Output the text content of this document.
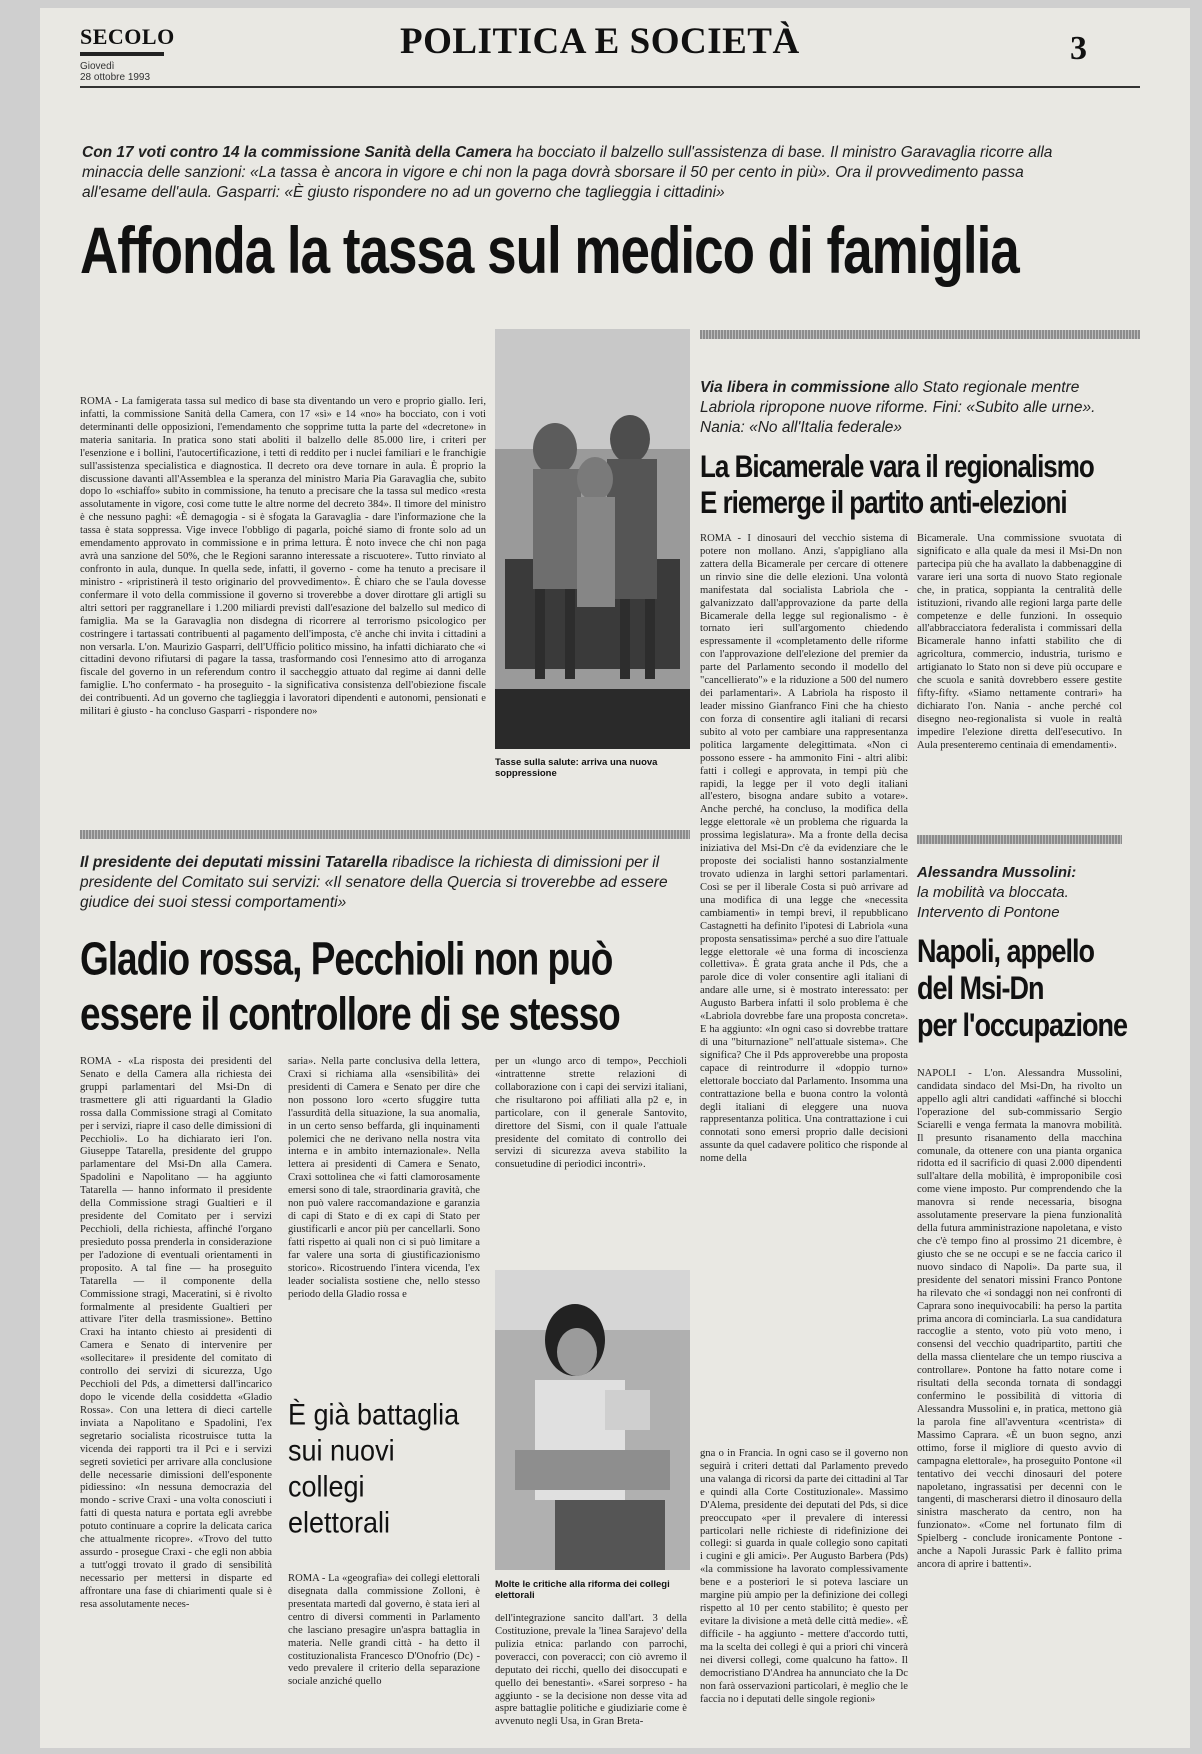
SECOLO
Giovedì
28 ottobre 1993
POLITICA E SOCIETÀ	3
Con 17 voti contro 14 la commissione Sanità della Camera ha bocciato il balzello sull'assistenza di base. Il ministro Garavaglia ricorre alla minaccia delle sanzioni: «La tassa è ancora in vigore e chi non la paga dovrà sborsare il 50 per cento in più». Ora il provvedimento passa all'esame dell'aula. Gasparri: «È giusto rispondere no ad un governo che taglieggia i cittadini»
Affonda la tassa sul medico di famiglia

ROMA - La famigerata tassa sul medico di base sta diventando un vero e proprio giallo. Ieri, infatti, la commissione Sanità della Camera, con 17 «sì» e 14 «no» ha bocciato, con i voti determinanti delle opposizioni, l'emendamento che sopprime tutta la parte del «decretone» in materia sanitaria. In pratica sono stati aboliti il balzello delle 85.000 lire, i criteri per l'esenzione e i bollini, l'autocertificazione, i tetti di reddito per i nuclei familiari e le franchigie sull'assistenza specialistica e diagnostica. Il decreto ora deve tornare in aula. È proprio la discussione davanti all'Assemblea e la speranza del ministro Maria Pia Garavaglia che, subito dopo lo «schiaffo» subito in commissione, ha tenuto a precisare che la tassa sul medico «resta assolutamente in vigore, così come tutte le altre norme del decreto 384». Il timore del ministro è che nessuno paghi: «È demagogia - si è sfogata la Garavaglia - dare l'informazione che la tassa è stata soppressa. Vige invece l'obbligo di pagarla, poiché siamo di fronte solo ad un emendamento approvato in commissione e in prima lettura. È noto invece che chi non paga avrà una sanzione del 50%, che le Regioni saranno interessate a riscuotere». Tutto rinviato al confronto in aula, dunque. In quella sede, infatti, il governo - come ha tenuto a precisare il ministro - «ripristinerà il testo originario del provvedimento». È chiaro che se l'aula dovesse confermare il voto della commissione il governo si troverebbe a dover dirottare gli artigli su altri settori per raggranellare i 1.200 miliardi previsti dall'esazione del balzello sul medico di famiglia. Ma se la Garavaglia non disdegna di ricorrere al terrorismo psicologico per costringere i tartassati contribuenti al pagamento dell'imposta, c'è anche chi invita i cittadini a non versarla. L'on. Maurizio Gasparri, dell'Ufficio politico missino, ha infatti dichiarato che «i cittadini devono rifiutarsi di pagare la tassa, trasformando così l'ennesimo atto di arroganza fiscale del governo in un referendum contro il saccheggio attuato dal regime ai danni delle famiglie. L'ho confermato - ha proseguito - la significativa consistenza dell'obiezione fiscale dei contribuenti. Ad un governo che taglieggia i lavoratori dipendenti e autonomi, pensionati e militari è giusto - ha concluso Gasparri - rispondere no»

Tasse sulla salute: arriva una nuova soppressione
Via libera in commissione allo Stato regionale mentre Labriola ripropone nuove riforme. Fini: «Subito alle urne». Nania: «No all'Italia federale»
La Bicamerale vara il regionalismo
E riemerge il partito anti-elezioni

ROMA - I dinosauri del vecchio sistema di potere non mollano. Anzi, s'appigliano alla zattera della Bicamerale per cercare di ottenere un rinvio sine die delle elezioni. Una volontà manifestata dal socialista Labriola che - galvanizzato dall'approvazione da parte della Bicamerale della legge sul regionalismo - è tornato ieri sull'argomento chiedendo espressamente il «completamento delle riforme con l'approvazione dell'elezione del premier da parte del Parlamento secondo il modello del "cancellierato"» e la riduzione a 500 del numero dei parlamentari». A Labriola ha risposto il leader missino Gianfranco Fini che ha chiesto con forza di consentire agli italiani di recarsi subito al voto per cambiare una rappresentanza politica largamente delegittimata. «Non ci possono essere - ha ammonito Fini - altri alibi: fatti i collegi e approvata, in tempi più che rapidi, la legge per il voto degli italiani all'estero, bisogna andare subito a votare». Anche perché, ha concluso, la modifica della legge elettorale «è un problema che riguarda la prossima legislatura». Ma a fronte della decisa iniziativa del Msi-Dn c'è da evidenziare che le proposte dei socialisti hanno sostanzialmente trovato udienza in larghi settori parlamentari. Così se per il liberale Costa si può arrivare ad una modifica di una legge che «necessita cambiamenti» in tempi brevi, il repubblicano Castagnetti ha definito l'ipotesi di Labriola «una proposta sensatissima» perché a suo dire l'attuale legge elettorale «è una forma di incoscienza collettiva». È grata grata anche il Pds, che a parole dice di voler consentire agli italiani di andare alle urne, si è mostrato interessato: per Augusto Barbera infatti il solo problema è che «Labriola dovrebbe fare una proposta concreta». E ha aggiunto: «In ogni caso si dovrebbe trattare di una "biturnazione" nell'attuale sistema». Che significa? Che il Pds approverebbe una proposta capace di reintrodurre il «doppio turno» elettorale bocciato dal Parlamento. Insomma una contrattazione bella e buona contro la volontà degli italiani di eleggere una nuova rappresentanza politica. Una contrattazione i cui connotati sono emersi proprio dalle decisioni assunte da quel cadavere politico che risponde al nome della

Bicamerale. Una commissione svuotata di significato e alla quale da mesi il Msi-Dn non partecipa più che ha avallato la dabbenaggine di varare ieri una sorta di nuovo Stato regionale che, in pratica, soppianta la centralità delle istituzioni, rivando alle regioni larga parte delle competenze e delle funzioni. In ossequio all'abbracciatora federalista i commissari della Bicamerale hanno infatti stabilito che di agricoltura, commercio, industria, turismo e artigianato lo Stato non si deve più occupare e che scuola e sanità dovrebbero essere gestite fifty-fifty. «Siamo nettamente contrari» ha dichiarato l'on. Nania - anche perché col disegno neo-regionalista si vuole in realtà impedire l'elezione diretta dell'esecutivo. In Aula presenteremo centinaia di emendamenti».

Alessandra Mussolini:
la mobilità va bloccata. Intervento di Pontone
Napoli, appello
del Msi-Dn
per l'occupazione

NAPOLI - L'on. Alessandra Mussolini, candidata sindaco del Msi-Dn, ha rivolto un appello agli altri candidati «affinché si blocchi l'operazione del sub-commissario Sergio Sciarelli e venga fermata la manovra mobilità. Il presunto risanamento della macchina comunale, da ottenere con una pianta organica ridotta ed il sacrificio di quasi 2.000 dipendenti sull'altare della mobilità, è improponibile così come viene imposto. Pur comprendendo che la manovra si rende necessaria, bisogna assolutamente preservare la piena funzionalità della futura amministrazione napoletana, e visto che c'è tempo fino al prossimo 21 dicembre, è giusto che se ne occupi e se ne faccia carico il nuovo sindaco di Napoli». Da parte sua, il presidente del senatori missini Franco Pontone ha rilevato che «i sondaggi non nei confronti di Caprara sono inequivocabili: ha perso la partita prima ancora di cominciarla. La sua candidatura raccoglie a stento, voto più voto meno, i consensi del vecchio quadripartito, partiti che della massa clientelare che un tempo riusciva a controllare». Pontone ha fatto notare come i risultati della seconda tornata di sondaggi confermino le possibilità di vittoria di Alessandra Mussolini e, in pratica, mettono già la parola fine all'avventura «centrista» di Massimo Caprara. «È un buon segno, anzi ottimo, forse il migliore di questo avvio di campagna elettorale», ha proseguito Pontone «il tentativo dei vecchi dinosauri del potere napoletano, ingrassatisi per decenni con le tangenti, di mascherarsi dietro il dinosauro della sinistra mascherato da centro, non ha funzionato». «Come nel fortunato film di Spielberg - conclude ironicamente Pontone - anche a Napoli Jurassic Park è fallito prima ancora di aprire i battenti».

Il presidente dei deputati missini Tatarella ribadisce la richiesta di dimissioni per il presidente del Comitato sui servizi: «Il senatore della Quercia si troverebbe ad essere giudice dei suoi stessi comportamenti»
Gladio rossa, Pecchioli non può
essere il controllore di se stesso

ROMA - «La risposta dei presidenti del Senato e della Camera alla richiesta dei gruppi parlamentari del Msi-Dn di trasmettere gli atti riguardanti la Gladio rossa dalla Commissione stragi al Comitato per i servizi, riapre il caso delle dimissioni di Pecchioli». Lo ha dichiarato ieri l'on. Giuseppe Tatarella, presidente del gruppo parlamentare del Msi-Dn alla Camera. Spadolini e Napolitano — ha aggiunto Tatarella — hanno informato il presidente della Commissione stragi Gualtieri e il presidente del Comitato per i servizi Pecchioli, della richiesta, affinché l'organo presieduto possa prenderla in considerazione per l'adozione di eventuali orientamenti in proposito. A tal fine — ha proseguito Tatarella — il componente della Commissione stragi, Maceratini, si è rivolto formalmente al presidente Gualtieri per attivare l'iter della trasmissione». Bettino Craxi ha intanto chiesto ai presidenti di Camera e Senato di intervenire per «sollecitare» il presidente del comitato di controllo dei servizi di sicurezza, Ugo Pecchioli del Pds, a dimettersi dall'incarico dopo le vicende della cosiddetta «Gladio Rossa». Con una lettera di dieci cartelle inviata a Napolitano e Spadolini, l'ex segretario socialista ricostruisce tutta la vicenda dei rapporti tra il Pci e i servizi segreti sovietici per arrivare alla conclusione delle necessarie dimissioni dell'esponente pidiessino: «In nessuna democrazia del mondo - scrive Craxi - una volta conosciuti i fatti di questa natura e portata egli avrebbe potuto continuare a coprire la delicata carica che attualmente ricopre». «Trovo del tutto assurdo - prosegue Craxi - che egli non abbia a tutt'oggi trovato il grado di sensibilità necessario per mettersi in disparte ed affrontare una fase di chiarimenti quale si è resa assolutamente neces-

saria». Nella parte conclusiva della lettera, Craxi si richiama alla «sensibilità» dei presidenti di Camera e Senato per dire che non possono loro «certo sfuggire tutta l'assurdità della situazione, la sua anomalia, in un certo senso beffarda, gli inquinamenti polemici che ne derivano nella nostra vita interna e in ambito internazionale». Nella lettera ai presidenti di Camera e Senato, Craxi sottolinea che «i fatti clamorosamente emersi sono di tale, straordinaria gravità, che non può valere raccomandazione e garanzia di capi di Stato e di ex capi di Stato per giustificarli e ancor più per cancellarli. Sono fatti rispetto ai quali non ci si può limitare a far valere una sorta di giustificazionismo storico». Ricostruendo l'intera vicenda, l'ex leader socialista sostiene che, nello stesso periodo della Gladio rossa e

per un «lungo arco di tempo», Pecchioli «intrattenne strette relazioni di collaborazione con i capi dei servizi italiani, che risultarono poi affiliati alla p2 e, in particolare, con il generale Santovito, direttore del Sismi, con il quale l'attuale presidente del comitato di controllo dei servizi di sicurezza aveva stabilito la consuetudine di periodici incontri».

È già battaglia
sui nuovi
collegi
elettorali

ROMA - La «geografia» dei collegi elettorali disegnata dalla commissione Zolloni, è presentata martedì dal governo, è stata ieri al centro di diversi commenti in Parlamento che lasciano presagire un'aspra battaglia in materia. Nelle grandi città - ha detto il costituzionalista Francesco D'Onofrio (Dc) - vedo prevalere il criterio della separazione sociale anziché quello

Molte le critiche alla riforma dei collegi elettorali

dell'integrazione sancito dall'art. 3 della Costituzione, prevale la 'linea Sarajevo' della pulizia etnica: parlando con parrochi, poveracci, con poveracci; con ciò avremo il deputato dei ricchi, quello dei disoccupati e quello dei benestanti». «Sarei sorpreso - ha aggiunto - se la decisione non desse vita ad aspre battaglie politiche e giudiziarie come è avvenuto negli Usa, in Gran Breta-

gna o in Francia. In ogni caso se il governo non seguirà i criteri dettati dal Parlamento prevedo una valanga di ricorsi da parte dei cittadini al Tar e quindi alla Corte Costituzionale». Massimo D'Alema, presidente dei deputati del Pds, si dice preoccupato «per il prevalere di interessi particolari nelle richieste di ridefinizione dei collegi: si guarda in quale collegio sono capitati i cugini e gli amici». Per Augusto Barbera (Pds) «la commissione ha lavorato complessivamente bene e a posteriori le si poteva lasciare un margine più ampio per la definizione dei collegi rispetto al 10 per cento stabilito; è questo per evitare la divisione a metà delle città medie». «È difficile - ha aggiunto - mettere d'accordo tutti, ma la scelta dei collegi è qui a priori chi vincerà nei diversi collegi, come qualcuno ha fatto». Il democristiano D'Andrea ha annunciato che la Dc non farà osservazioni particolari, è meglio che le faccia no i deputati delle singole regioni»
